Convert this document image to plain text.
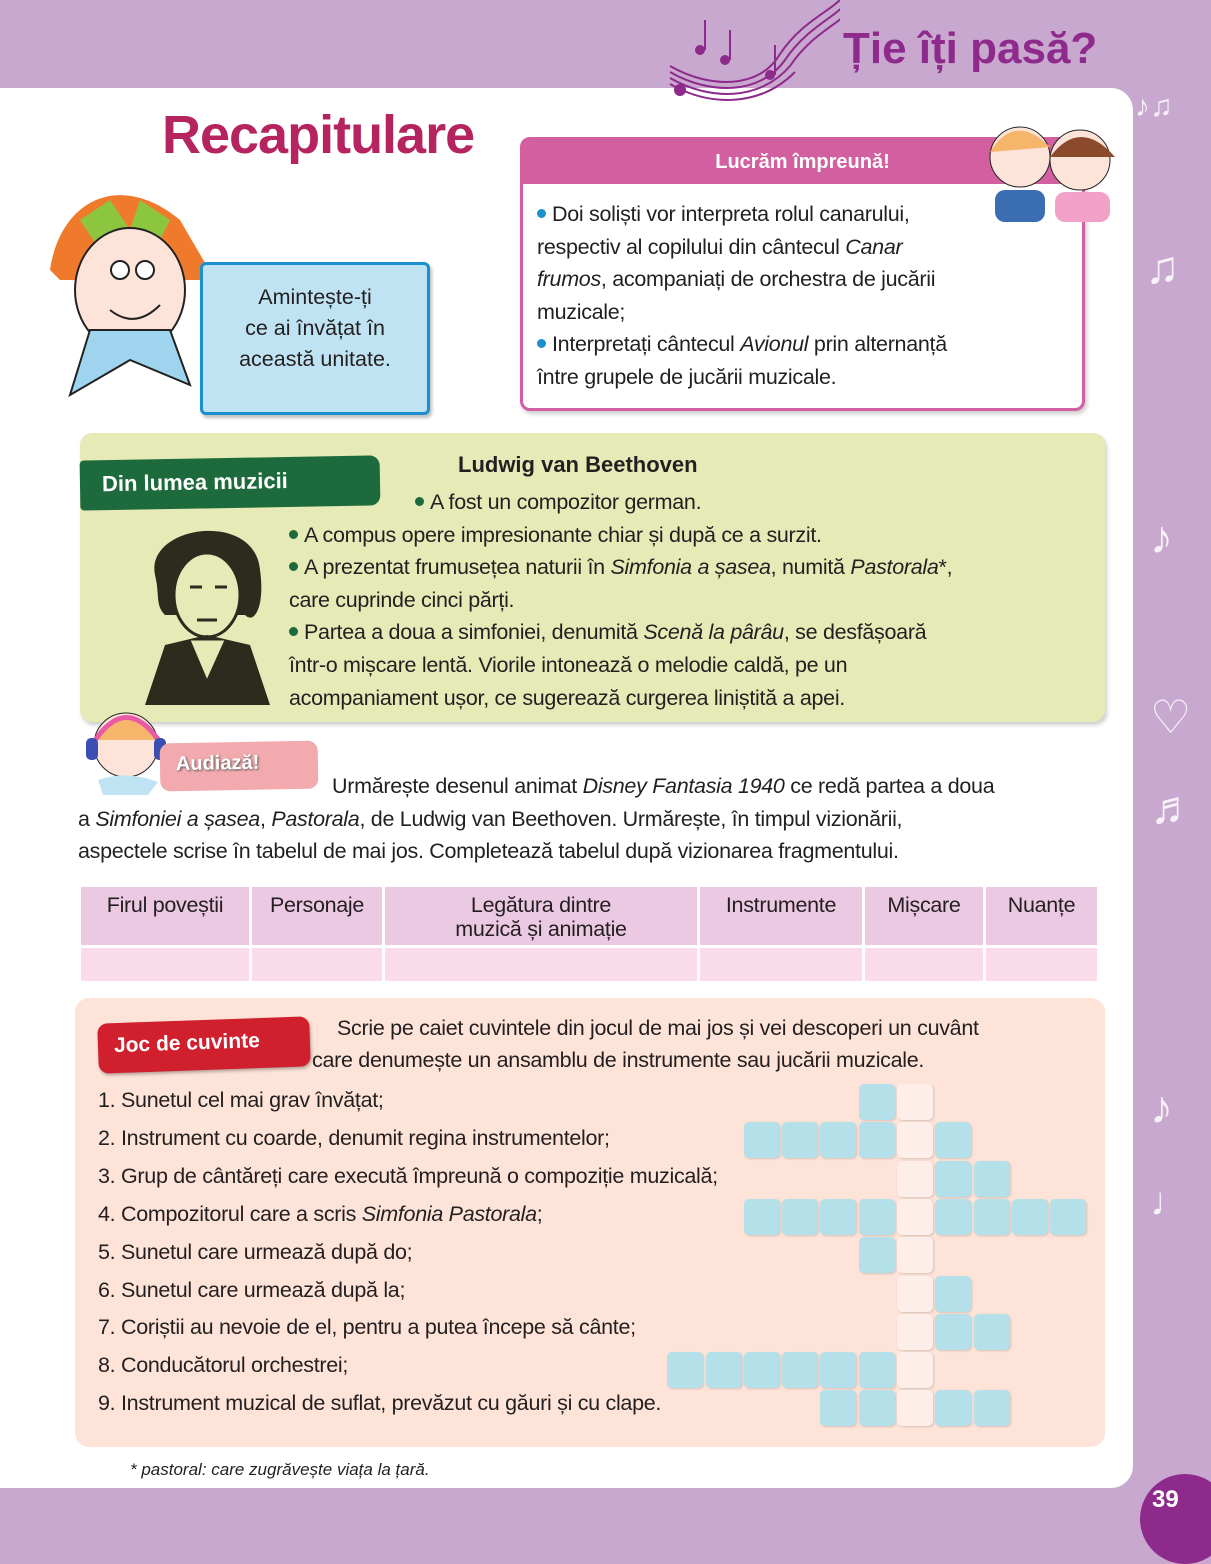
Ție îți pasă?
Recapitulare
Amintește-ți
ce ai învățat în
această unitate.
Lucrăm împreună!
Doi soliști vor interpreta rolul canarului,
respectiv al copilului din cântecul Canar
frumos, acompaniați de orchestra de jucării
muzicale;
Interpretați cântecul Avionul prin alternanță
între grupele de jucării muzicale.
Din lumea muzicii
Ludwig van Beethoven
A fost un compozitor german.
A compus opere impresionante chiar și după ce a surzit.
A prezentat frumusețea naturii în Simfonia a șasea, numită Pastorala*,
care cuprinde cinci părți.
Partea a doua a simfoniei, denumită Scenă la pârâu, se desfășoară
într-o mișcare lentă. Viorile intonează o melodie caldă, pe un
acompaniament ușor, ce sugerează curgerea liniștită a apei.
Audiază!
Urmărește desenul animat Disney Fantasia 1940 ce redă partea a doua
a Simfoniei a șasea, Pastorala, de Ludwig van Beethoven. Urmărește, în timpul vizionării,
aspectele scrise în tabelul de mai jos. Completează tabelul după vizionarea fragmentului.
Firul poveștii	Personaje	Legătura dintre muzică și animație	Instrumente	Mișcare	Nuanțe

Joc de cuvinte
Scrie pe caiet cuvintele din jocul de mai jos și vei descoperi un cuvânt
care denumește un ansamblu de instrumente sau jucării muzicale.
1. Sunetul cel mai grav învățat;
2. Instrument cu coarde, denumit regina instrumentelor;
3. Grup de cântăreți care execută împreună o compoziție muzicală;
4. Compozitorul care a scris Simfonia Pastorala;
5. Sunetul care urmează după do;
6. Sunetul care urmează după la;
7. Coriștii au nevoie de el, pentru a putea începe să cânte;
8. Conducătorul orchestrei;
9. Instrument muzical de suflat, prevăzut cu găuri și cu clape.
* pastoral: care zugrăvește viața la țară.
♪♫
♫
♪
♡
♬
♪
♩
39
